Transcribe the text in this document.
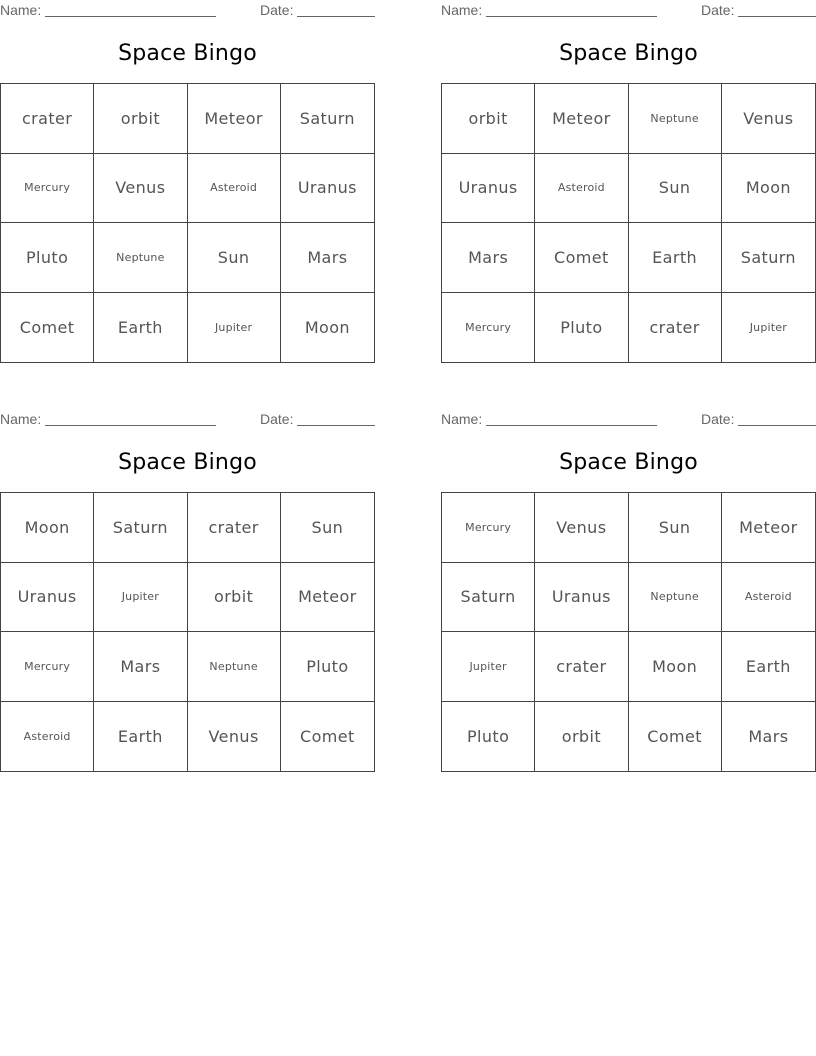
Name:	Date:
Space Bingo
crater	orbit	Meteor	Saturn
Mercury	Venus	Asteroid	Uranus
Pluto	Neptune	Sun	Mars
Comet	Earth	Jupiter	Moon
Name:	Date:
Space Bingo
orbit	Meteor	Neptune	Venus
Uranus	Asteroid	Sun	Moon
Mars	Comet	Earth	Saturn
Mercury	Pluto	crater	Jupiter
Name:	Date:
Space Bingo
Moon	Saturn	crater	Sun
Uranus	Jupiter	orbit	Meteor
Mercury	Mars	Neptune	Pluto
Asteroid	Earth	Venus	Comet
Name:	Date:
Space Bingo
Mercury	Venus	Sun	Meteor
Saturn	Uranus	Neptune	Asteroid
Jupiter	crater	Moon	Earth
Pluto	orbit	Comet	Mars
